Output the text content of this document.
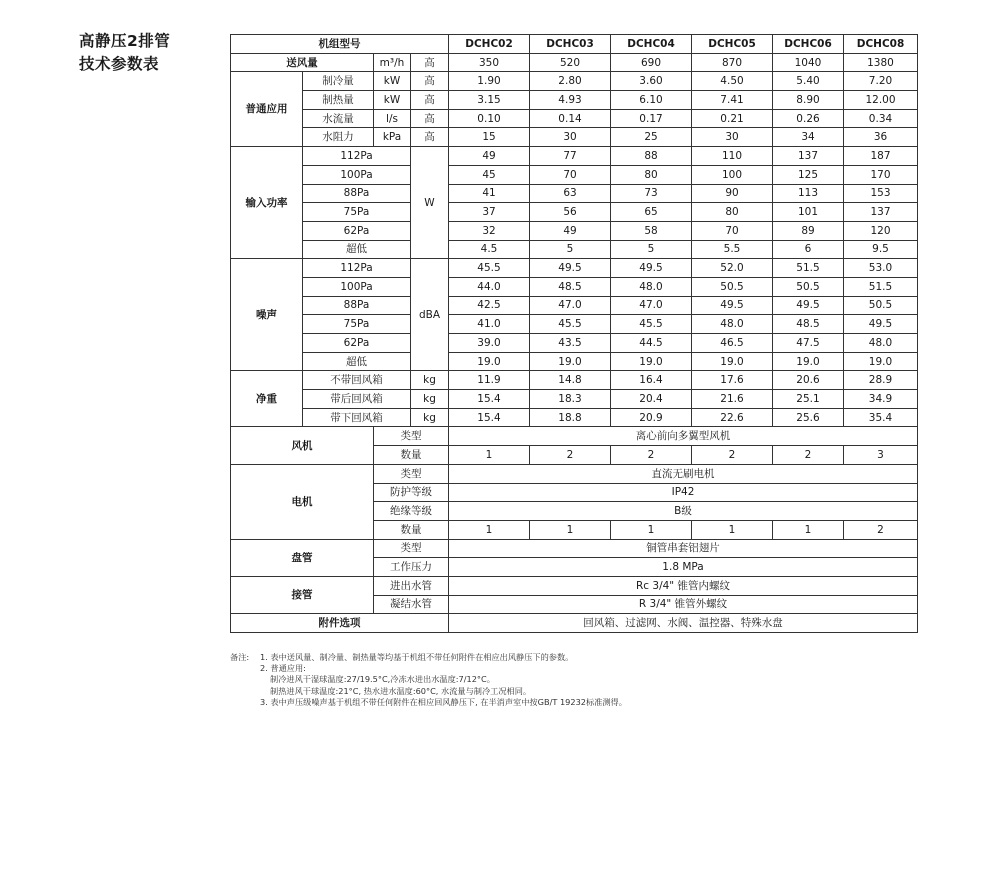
高静压2排管
技术参数表
机组型号				DCHC02	DCHC03	DCHC04	DCHC05	DCHC06	DCHC08
送风量		m³/h	高	350	520	690	870	1040	1380
普通应用	制冷量	kW	高	1.90	2.80	3.60	4.50	5.40	7.20
	制热量	kW	高	3.15	4.93	6.10	7.41	8.90	12.00
	水流量	l/s	高	0.10	0.14	0.17	0.21	0.26	0.34
	水阻力	kPa	高	15	30	25	30	34	36
输入功率	112Pa		W	49	77	88	110	137	187
	100Pa			45	70	80	100	125	170
	88Pa			41	63	73	90	113	153
	75Pa			37	56	65	80	101	137
	62Pa			32	49	58	70	89	120
	超低			4.5	5	5	5.5	6	9.5
噪声	112Pa		dBA	45.5	49.5	49.5	52.0	51.5	53.0
	100Pa			44.0	48.5	48.0	50.5	50.5	51.5
	88Pa			42.5	47.0	47.0	49.5	49.5	50.5
	75Pa			41.0	45.5	45.5	48.0	48.5	49.5
	62Pa			39.0	43.5	44.5	46.5	47.5	48.0
	超低			19.0	19.0	19.0	19.0	19.0	19.0
净重	不带回风箱		kg	11.9	14.8	16.4	17.6	20.6	28.9
	带后回风箱		kg	15.4	18.3	20.4	21.6	25.1	34.9
	带下回风箱		kg	15.4	18.8	20.9	22.6	25.6	35.4
风机		类型		离心前向多翼型风机					
		数量		1	2	2	2	2	3
电机		类型		直流无刷电机					
		防护等级		IP42					
		绝缘等级		B级					
		数量		1	1	1	1	1	2
盘管		类型		铜管串套铝翅片					
		工作压力		1.8 MPa					
接管		进出水管		Rc 3/4" 锥管内螺纹					
		凝结水管		R 3/4" 锥管外螺纹					
附件选项				回风箱、过滤网、水阀、温控器、特殊水盘					
备注:	1. 表中送风量、制冷量、制热量等均基于机组不带任何附件在相应出风静压下的参数。
2. 普通应用:
制冷进风干湿球温度:27/19.5°C,冷冻水进出水温度:7/12°C。
制热进风干球温度:21°C, 热水进水温度:60°C, 水流量与制冷工况相同。
3. 表中声压级噪声基于机组不带任何附件在相应回风静压下, 在半消声室中按GB/T 19232标准测得。
